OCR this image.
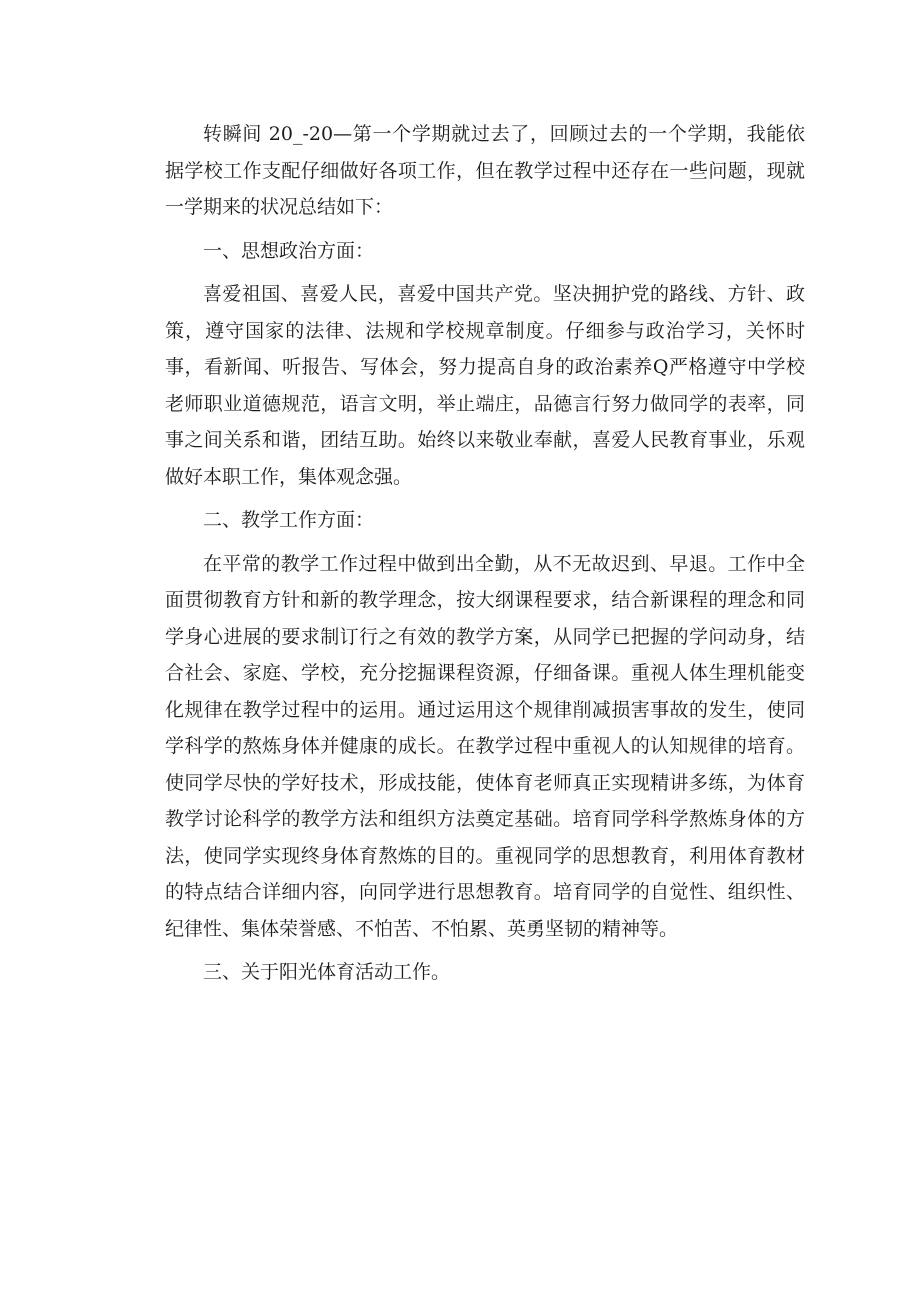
转瞬间 20_-20—第一个学期就过去了，回顾过去的一个学期，我能依据学校工作支配仔细做好各项工作，但在教学过程中还存在一些问题，现就一学期来的状况总结如下：

一、思想政治方面：

喜爱祖国、喜爱人民，喜爱中国共产党。坚决拥护党的路线、方针、政策，遵守国家的法律、法规和学校规章制度。仔细参与政治学习，关怀时事，看新闻、听报告、写体会，努力提高自身的政治素养Q严格遵守中学校老师职业道德规范，语言文明，举止端庄，品德言行努力做同学的表率，同事之间关系和谐，团结互助。始终以来敬业奉献，喜爱人民教育事业，乐观做好本职工作，集体观念强。

二、教学工作方面：

在平常的教学工作过程中做到出全勤，从不无故迟到、早退。工作中全面贯彻教育方针和新的教学理念，按大纲课程要求，结合新课程的理念和同学身心进展的要求制订行之有效的教学方案，从同学已把握的学问动身，结合社会、家庭、学校，充分挖掘课程资源，仔细备课。重视人体生理机能变化规律在教学过程中的运用。通过运用这个规律削减损害事故的发生，使同学科学的熬炼身体并健康的成长。在教学过程中重视人的认知规律的培育。使同学尽快的学好技术，形成技能，使体育老师真正实现精讲多练，为体育教学讨论科学的教学方法和组织方法奠定基础。培育同学科学熬炼身体的方法，使同学实现终身体育熬炼的目的。重视同学的思想教育，利用体育教材的特点结合详细内容，向同学进行思想教育。培育同学的自觉性、组织性、纪律性、集体荣誉感、不怕苦、不怕累、英勇坚韧的精神等。

三、关于阳光体育活动工作。
